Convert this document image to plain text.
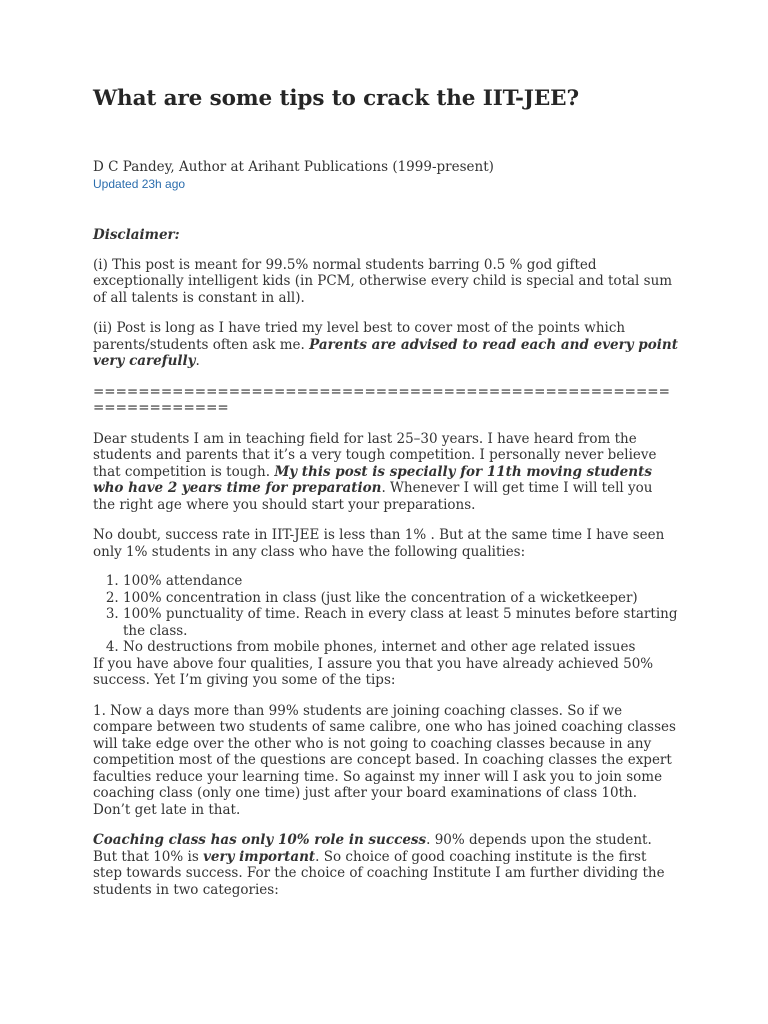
What are some tips to crack the IIT-JEE?
D C Pandey, Author at Arihant Publications (1999-present)
Updated 23h ago
Disclaimer:

(i) This post is meant for 99.5% normal students barring 0.5 % god gifted exceptionally intelligent kids (in PCM, otherwise every child is special and total sum of all talents is constant in all).

(ii) Post is long as I have tried my level best to cover most of the points which parents/students often ask me. Parents are advised to read each and every point very carefully.

===============================================================

Dear students I am in teaching field for last 25–30 years. I have heard from the students and parents that it’s a very tough competition. I personally never believe that competition is tough. My this post is specially for 11th moving students who have 2 years time for preparation. Whenever I will get time I will tell you the right age where you should start your preparations.

No doubt, success rate in IIT-JEE is less than 1% . But at the same time I have seen only 1% students in any class who have the following qualities:

1. 100% attendance
2. 100% concentration in class (just like the concentration of a wicketkeeper)
3. 100% punctuality of time. Reach in every class at least 5 minutes before starting the class.
4. No destructions from mobile phones, internet and other age related issues

If you have above four qualities, I assure you that you have already achieved 50% success. Yet I’m giving you some of the tips:

1. Now a days more than 99% students are joining coaching classes. So if we compare between two students of same calibre, one who has joined coaching classes will take edge over the other who is not going to coaching classes because in any competition most of the questions are concept based. In coaching classes the expert faculties reduce your learning time. So against my inner will I ask you to join some coaching class (only one time) just after your board examinations of class 10th. Don’t get late in that.

Coaching class has only 10% role in success. 90% depends upon the student. But that 10% is very important. So choice of good coaching institute is the first step towards success. For the choice of coaching Institute I am further dividing the students in two categories:
